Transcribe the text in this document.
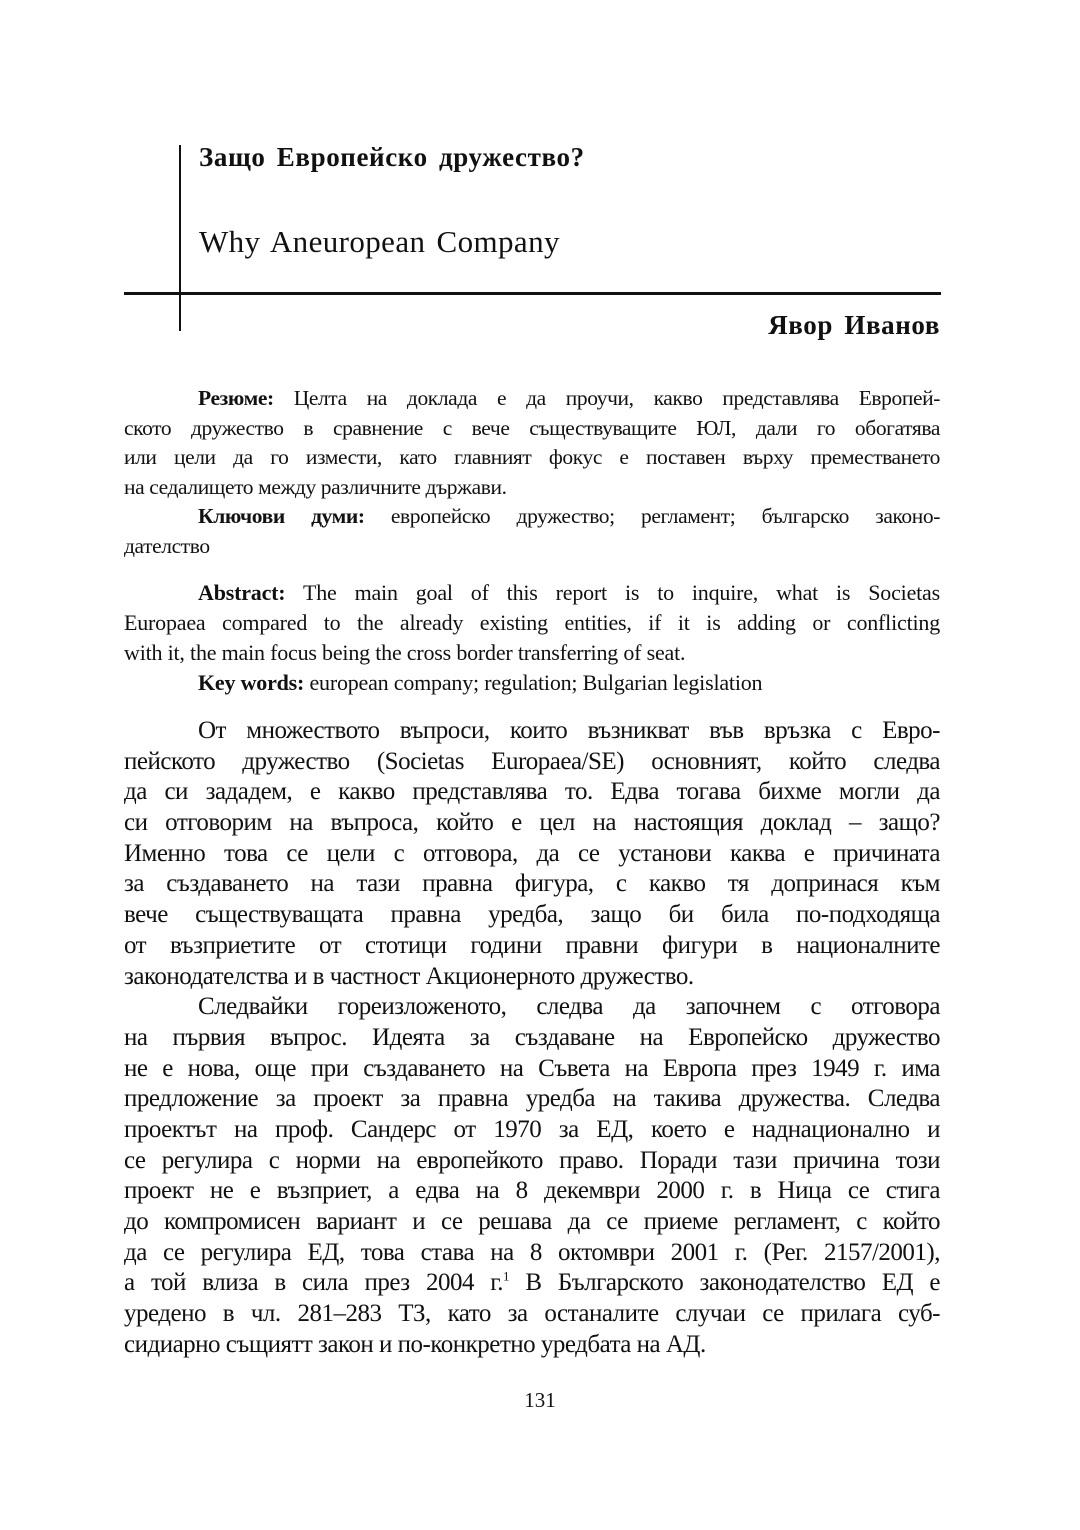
Защо Европейско дружество?
Why Aneuropean Company
Явор Иванов
Резюме: Целта на доклада е да проучи, какво представлява Европей-
ското дружество в сравнение с вече съществуващите ЮЛ, дали го обогатява
или цели да го измести, като главният фокус е поставен върху преместването
на седалището между различните държави.
Ключови думи: европейско дружество; регламент; българско законо-
дателство
Abstract: The main goal of this report is to inquire, what is Societas
Europaea compared to the already existing entities, if it is adding or conflicting
with it, the main focus being the cross border transferring of seat.
Key words: european company; regulation; Bulgarian legislation
От множеството въпроси, които възникват във връзка с Евро-
пейското дружество (Societas Europaea/SE) основният, който следва
да си зададем, е какво представлява то. Едва тогава бихме могли да
си отговорим на въпроса, който е цел на настоящия доклад – защо?
Именно това се цели с отговора, да се установи каква е причината
за създаването на тази правна фигура, с какво тя допринася към
вече съществуващата правна уредба, защо би била по-подходяща
от възприетите от стотици години правни фигури в националните
законодателства и в частност Акционерното дружество.
Следвайки гореизложеното, следва да започнем с отговора
на първия въпрос. Идеята за създаване на Европейско дружество
не е нова, още при създаването на Съвета на Европа през 1949 г. има
предложение за проект за правна уредба на такива дружества. Следва
проектът на проф. Сандерс от 1970 за ЕД, което е наднационално и
се регулира с норми на европейкото право. Поради тази причина този
проект не е възприет, а едва на 8 декември 2000 г. в Ница се стига
до компромисен вариант и се решава да се приеме регламент, с който
да се регулира ЕД, това става на 8 октомври 2001 г. (Рег. 2157/2001),
а той влиза в сила през 2004 г.$^1$ В Българското законодателство ЕД е
уредено в чл. 281–283 ТЗ, като за останалите случаи се прилага суб-
сидиарно същиятт закон и по-конкретно уредбата на АД.
131
